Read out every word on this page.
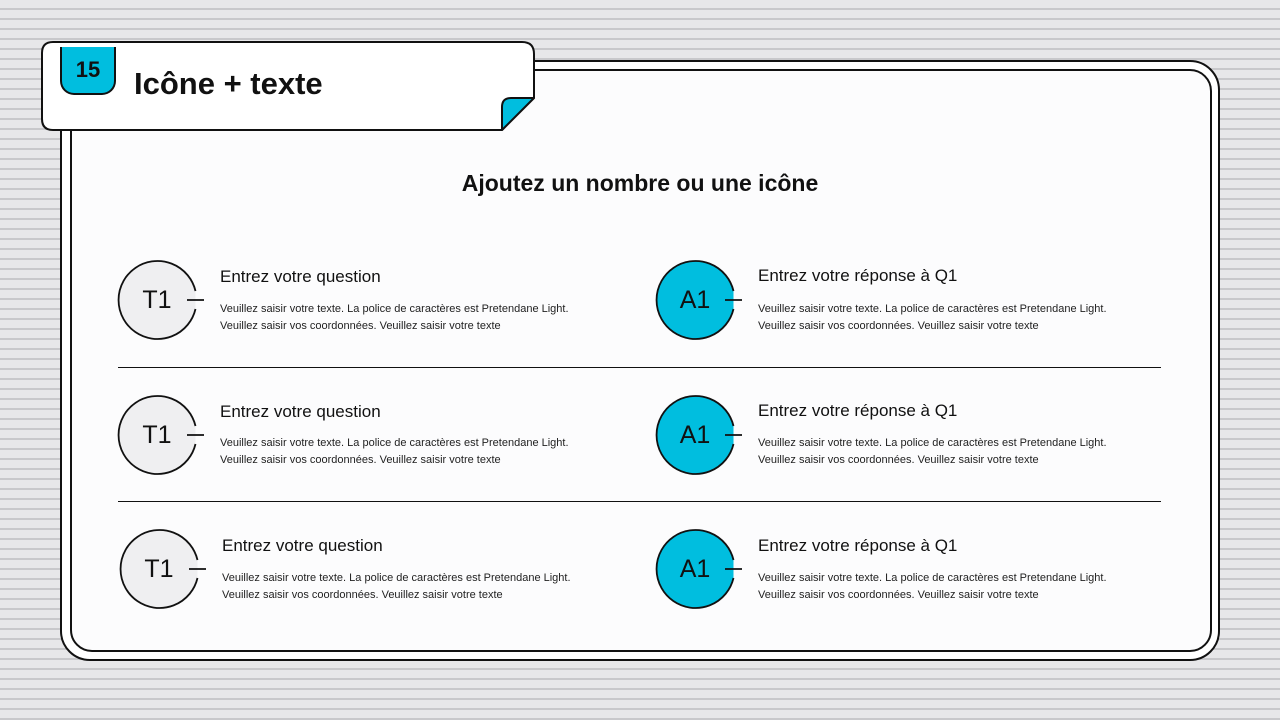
15 Icône + texte
Ajoutez un nombre ou une icône
T1
Entrez votre question
Veuillez saisir votre texte. La police de caractères est Pretendane Light.
Veuillez saisir vos coordonnées. Veuillez saisir votre texte
A1
Entrez votre réponse à Q1
Veuillez saisir votre texte. La police de caractères est Pretendane Light.
Veuillez saisir vos coordonnées. Veuillez saisir votre texte
T1
Entrez votre question
Veuillez saisir votre texte. La police de caractères est Pretendane Light.
Veuillez saisir vos coordonnées. Veuillez saisir votre texte
A1
Entrez votre réponse à Q1
Veuillez saisir votre texte. La police de caractères est Pretendane Light.
Veuillez saisir vos coordonnées. Veuillez saisir votre texte
T1
Entrez votre question
Veuillez saisir votre texte. La police de caractères est Pretendane Light.
Veuillez saisir vos coordonnées. Veuillez saisir votre texte
A1
Entrez votre réponse à Q1
Veuillez saisir votre texte. La police de caractères est Pretendane Light.
Veuillez saisir vos coordonnées. Veuillez saisir votre texte
